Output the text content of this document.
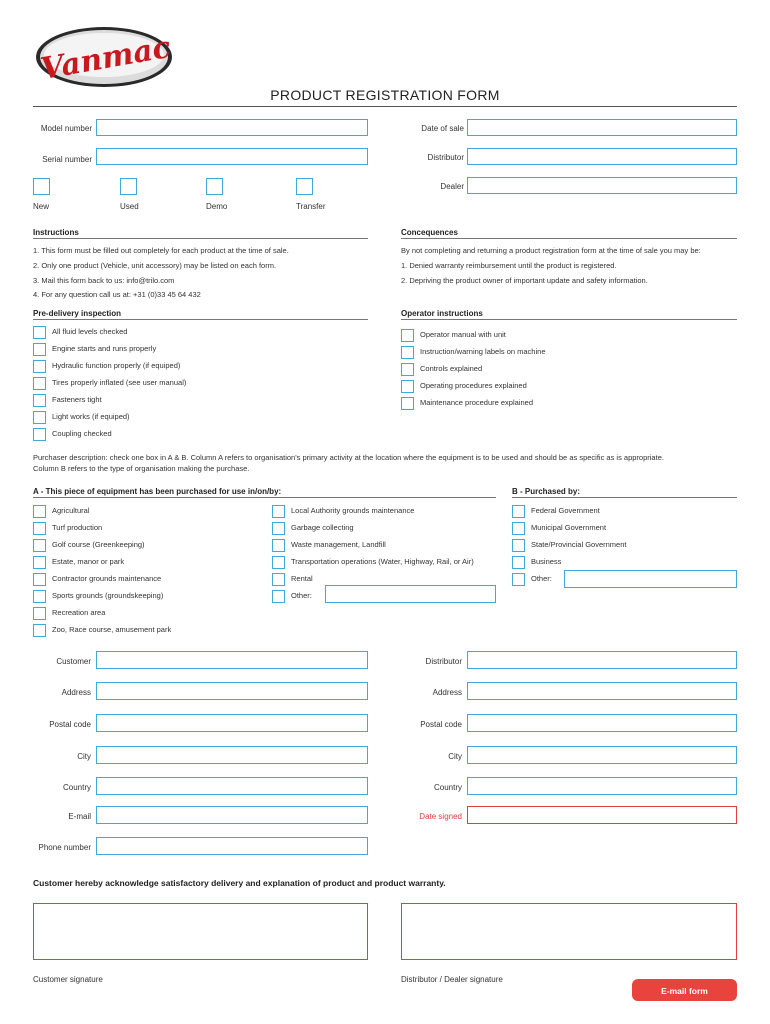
Vanmac
PRODUCT REGISTRATION FORM
Model number
Serial number
Date of sale
Distributor
Dealer
New	Used	Demo	Transfer
Instructions
1. This form must be filled out completely for each product at the time of sale.
2. Only one product (Vehicle, unit accessory) may be listed on each form.
3. Mail this form back to us: info@trilo.com
4. For any question call us at: +31 (0)33 45 64 432
Concequences
By not completing and returning a product registration form at the time of sale you may be:
1. Denied warranty reimbursement until the product is registered.
2. Depriving the product owner of important update and safety information.
Pre-delivery inspection
All fluid levels checked
Engine starts and runs properly
Hydraulic function properly (if equiped)
Tires properly inflated (see user manual)
Fasteners tight
Light works (if equiped)
Coupling checked
Operator instructions
Operator manual with unit
Instruction/warning labels on machine
Controls explained
Operating procedures explained
Maintenance procedure explained
Purchaser description: check one box in A & B. Column A refers to organisation's primary activity at the location where the equipment is to be used and should be as specific as is appropriate.
Column B refers to the type of organisation making the purchase.
A - This piece of equipment has been purchased for use in/on/by:	B - Purchased by:
Agricultural
Turf production
Golf course (Greenkeeping)
Estate, manor or park
Contractor grounds maintenance
Sports grounds (groundskeeping)
Recreation area
Zoo, Race course, amusement park
Local Authority grounds maintenance
Garbage collecting
Waste management, Landfill
Transportation operations (Water, Highway, Rail, or Air)
Rental
Other:
Federal Government
Municipal Government
State/Provincial Government
Business
Other:
Customer
Address
Postal code
City
Country
E-mail
Phone number
Distributor
Address
Postal code
City
Country
Date signed
Customer hereby acknowledge satisfactory delivery and explanation of product and product warranty.
Customer signature	Distributor / Dealer signature
E-mail form
